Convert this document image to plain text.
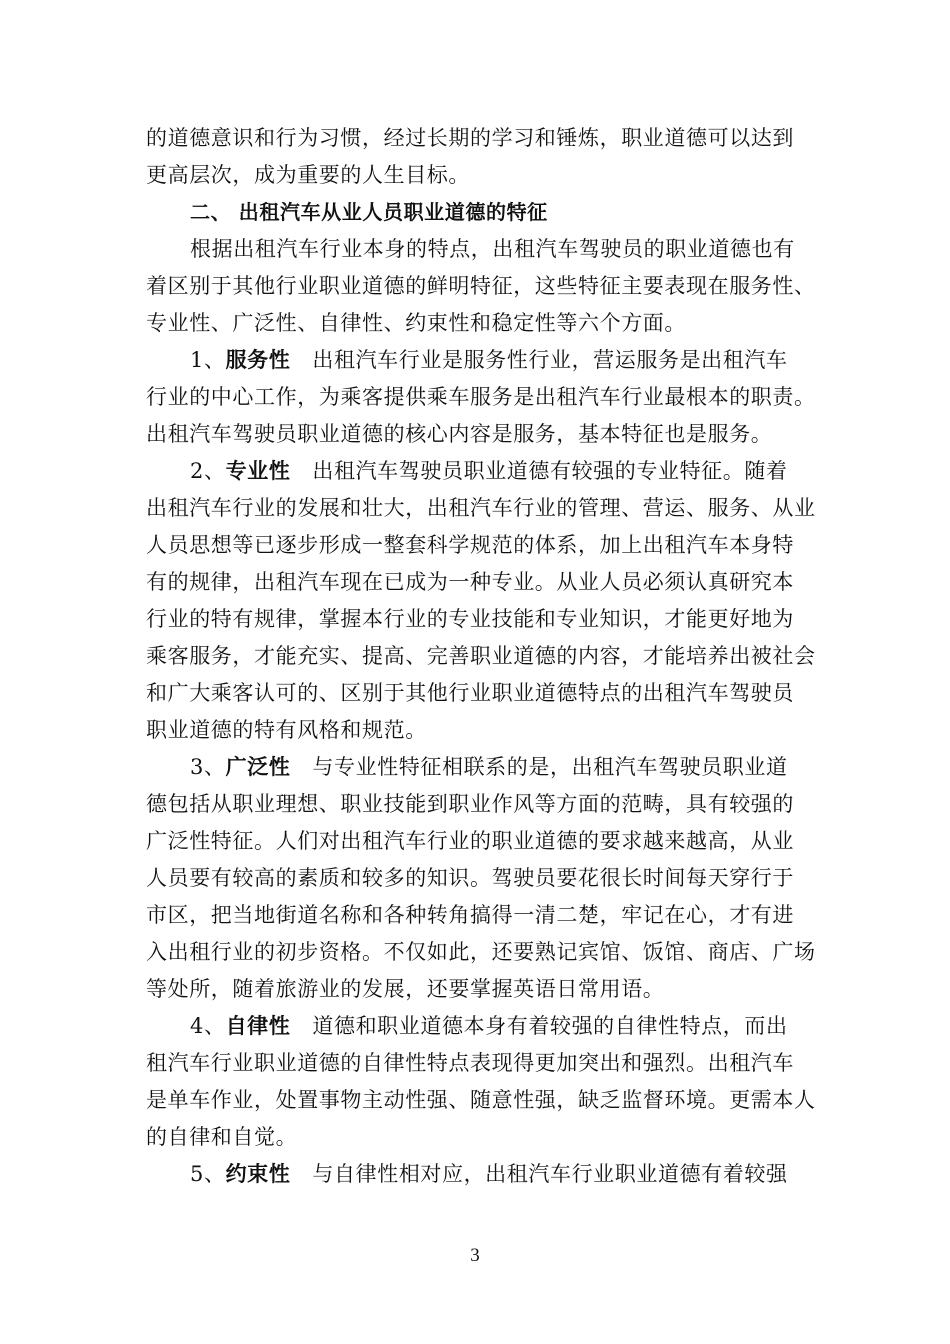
的道德意识和行为习惯，经过长期的学习和锤炼，职业道德可以达到
更高层次，成为重要的人生目标。
二、 出租汽车从业人员职业道德的特征
根据出租汽车行业本身的特点，出租汽车驾驶员的职业道德也有
着区别于其他行业职业道德的鲜明特征，这些特征主要表现在服务性、
专业性、广泛性、自律性、约束性和稳定性等六个方面。
1、服务性 出租汽车行业是服务性行业，营运服务是出租汽车
行业的中心工作，为乘客提供乘车服务是出租汽车行业最根本的职责。
出租汽车驾驶员职业道德的核心内容是服务，基本特征也是服务。
2、专业性 出租汽车驾驶员职业道德有较强的专业特征。随着
出租汽车行业的发展和壮大，出租汽车行业的管理、营运、服务、从业
人员思想等已逐步形成一整套科学规范的体系，加上出租汽车本身特
有的规律，出租汽车现在已成为一种专业。从业人员必须认真研究本
行业的特有规律，掌握本行业的专业技能和专业知识，才能更好地为
乘客服务，才能充实、提高、完善职业道德的内容，才能培养出被社会
和广大乘客认可的、区别于其他行业职业道德特点的出租汽车驾驶员
职业道德的特有风格和规范。
3、广泛性 与专业性特征相联系的是，出租汽车驾驶员职业道
德包括从职业理想、职业技能到职业作风等方面的范畴，具有较强的
广泛性特征。人们对出租汽车行业的职业道德的要求越来越高，从业
人员要有较高的素质和较多的知识。驾驶员要花很长时间每天穿行于
市区，把当地街道名称和各种转角搞得一清二楚，牢记在心，才有进
入出租行业的初步资格。不仅如此，还要熟记宾馆、饭馆、商店、广场
等处所，随着旅游业的发展，还要掌握英语日常用语。
4、自律性 道德和职业道德本身有着较强的自律性特点，而出
租汽车行业职业道德的自律性特点表现得更加突出和强烈。出租汽车
是单车作业，处置事物主动性强、随意性强，缺乏监督环境。更需本人
的自律和自觉。
5、约束性 与自律性相对应，出租汽车行业职业道德有着较强
3
